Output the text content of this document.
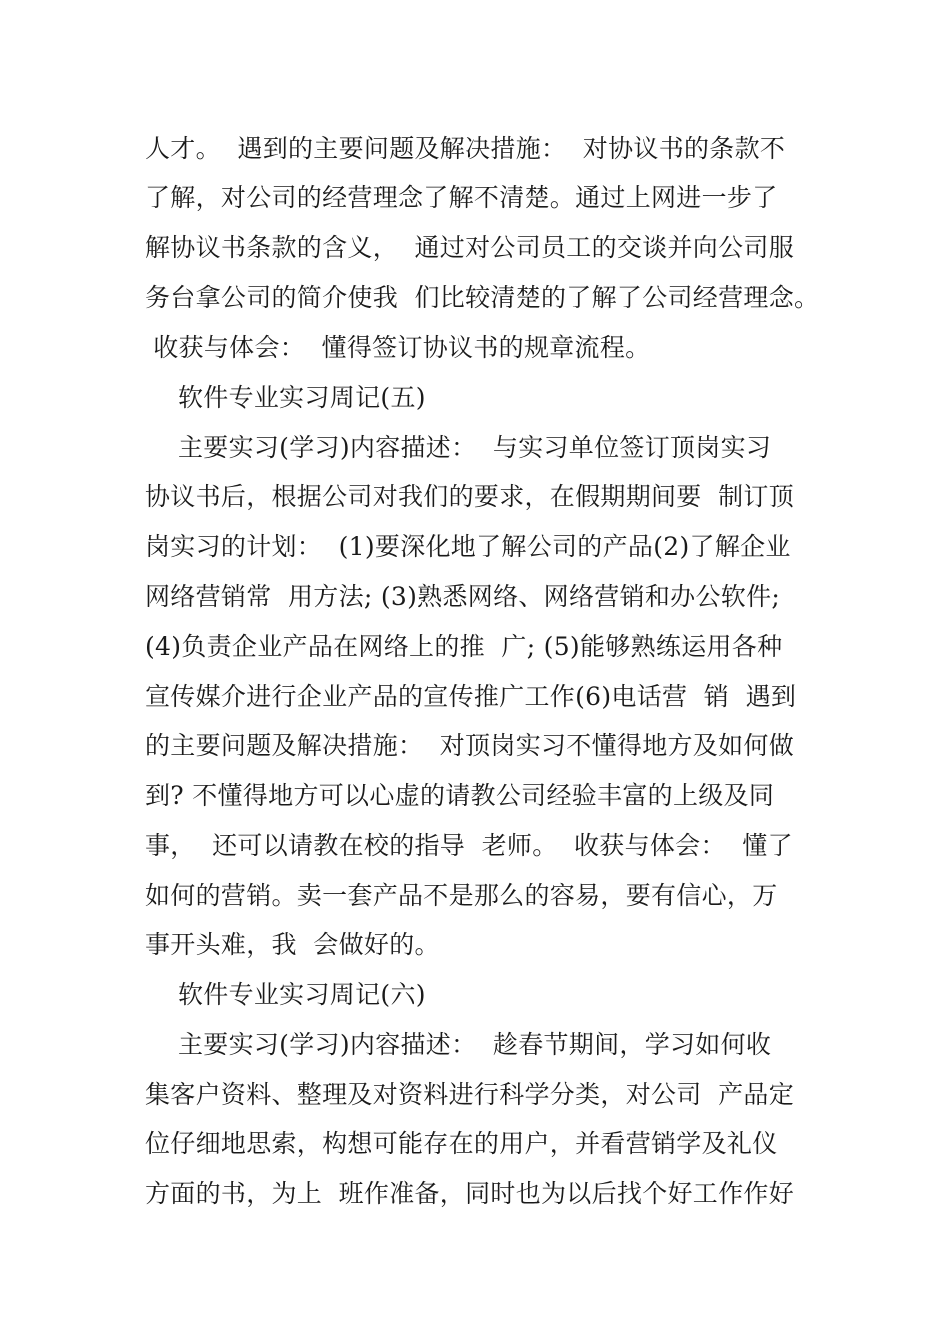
人才。  遇到的主要问题及解决措施：  对协议书的条款不
了解，对公司的经营理念了解不清楚。通过上网进一步了
解协议书条款的含义，  通过对公司员工的交谈并向公司服
务台拿公司的简介使我  们比较清楚的了解了公司经营理念。
收获与体会：  懂得签订协议书的规章流程。
软件专业实习周记(五)
主要实习(学习)内容描述：  与实习单位签订顶岗实习
协议书后，根据公司对我们的要求，在假期期间要  制订顶
岗实习的计划：  (1)要深化地了解公司的产品(2)了解企业
网络营销常  用方法; (3)熟悉网络、网络营销和办公软件;
(4)负责企业产品在网络上的推  广; (5)能够熟练运用各种
宣传媒介进行企业产品的宣传推广工作(6)电话营  销  遇到
的主要问题及解决措施：  对顶岗实习不懂得地方及如何做
到? 不懂得地方可以心虚的请教公司经验丰富的上级及同
事，  还可以请教在校的指导  老师。  收获与体会：  懂了
如何的营销。卖一套产品不是那么的容易，要有信心，万
事开头难，我  会做好的。
软件专业实习周记(六)
主要实习(学习)内容描述：  趁春节期间，学习如何收
集客户资料、整理及对资料进行科学分类，对公司  产品定
位仔细地思索，构想可能存在的用户，并看营销学及礼仪
方面的书，为上  班作准备，同时也为以后找个好工作作好
